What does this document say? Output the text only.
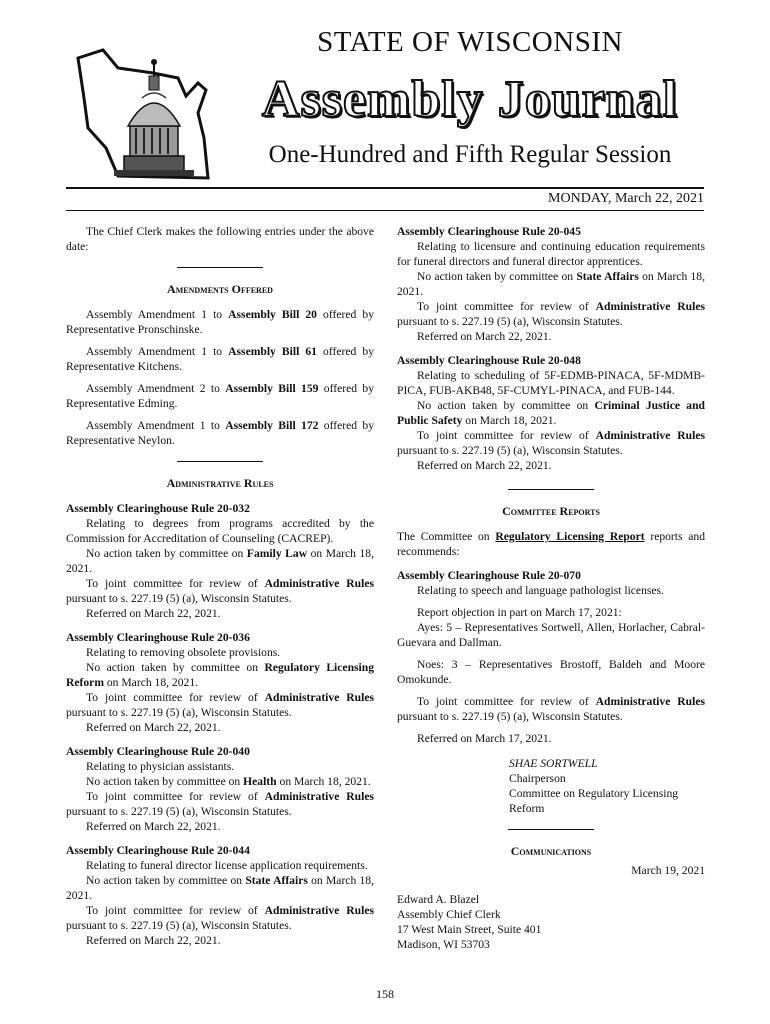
STATE OF WISCONSIN
Assembly Journal
One-Hundred and Fifth Regular Session
MONDAY, March 22, 2021

The Chief Clerk makes the following entries under the above date:

Amendments Offered

Assembly Amendment 1 to Assembly Bill 20 offered by Representative Pronschinske.

Assembly Amendment 1 to Assembly Bill 61 offered by Representative Kitchens.

Assembly Amendment 2 to Assembly Bill 159 offered by Representative Edming.

Assembly Amendment 1 to Assembly Bill 172 offered by Representative Neylon.

Administrative Rules

Assembly Clearinghouse Rule 20-032

Relating to degrees from programs accredited by the Commission for Accreditation of Counseling (CACREP).

No action taken by committee on Family Law on March 18, 2021.

To joint committee for review of Administrative Rules pursuant to s. 227.19 (5) (a), Wisconsin Statutes.

Referred on March 22, 2021.

Assembly Clearinghouse Rule 20-036

Relating to removing obsolete provisions.

No action taken by committee on Regulatory Licensing Reform on March 18, 2021.

To joint committee for review of Administrative Rules pursuant to s. 227.19 (5) (a), Wisconsin Statutes.

Referred on March 22, 2021.

Assembly Clearinghouse Rule 20-040

Relating to physician assistants.

No action taken by committee on Health on March 18, 2021.

To joint committee for review of Administrative Rules pursuant to s. 227.19 (5) (a), Wisconsin Statutes.

Referred on March 22, 2021.

Assembly Clearinghouse Rule 20-044

Relating to funeral director license application requirements.

No action taken by committee on State Affairs on March 18, 2021.

To joint committee for review of Administrative Rules pursuant to s. 227.19 (5) (a), Wisconsin Statutes.

Referred on March 22, 2021.

Assembly Clearinghouse Rule 20-045

Relating to licensure and continuing education requirements for funeral directors and funeral director apprentices.

No action taken by committee on State Affairs on March 18, 2021.

To joint committee for review of Administrative Rules pursuant to s. 227.19 (5) (a), Wisconsin Statutes.

Referred on March 22, 2021.

Assembly Clearinghouse Rule 20-048

Relating to scheduling of 5F-EDMB-PINACA, 5F-MDMB-PICA, FUB-AKB48, 5F-CUMYL-PINACA, and FUB-144.

No action taken by committee on Criminal Justice and Public Safety on March 18, 2021.

To joint committee for review of Administrative Rules pursuant to s. 227.19 (5) (a), Wisconsin Statutes.

Referred on March 22, 2021.

Committee Reports

The Committee on Regulatory Licensing Report reports and recommends:

Assembly Clearinghouse Rule 20-070

Relating to speech and language pathologist licenses.

Report objection in part on March 17, 2021:

Ayes: 5 – Representatives Sortwell, Allen, Horlacher, Cabral-Guevara and Dallman.

Noes: 3 – Representatives Brostoff, Baldeh and Moore Omokunde.

To joint committee for review of Administrative Rules pursuant to s. 227.19 (5) (a), Wisconsin Statutes.

Referred on March 17, 2021.

SHAE SORTWELL
Chairperson
Committee on Regulatory Licensing
Reform
Communications
March 19, 2021
Edward A. Blazel
Assembly Chief Clerk
17 West Main Street, Suite 401
Madison, WI 53703
158
